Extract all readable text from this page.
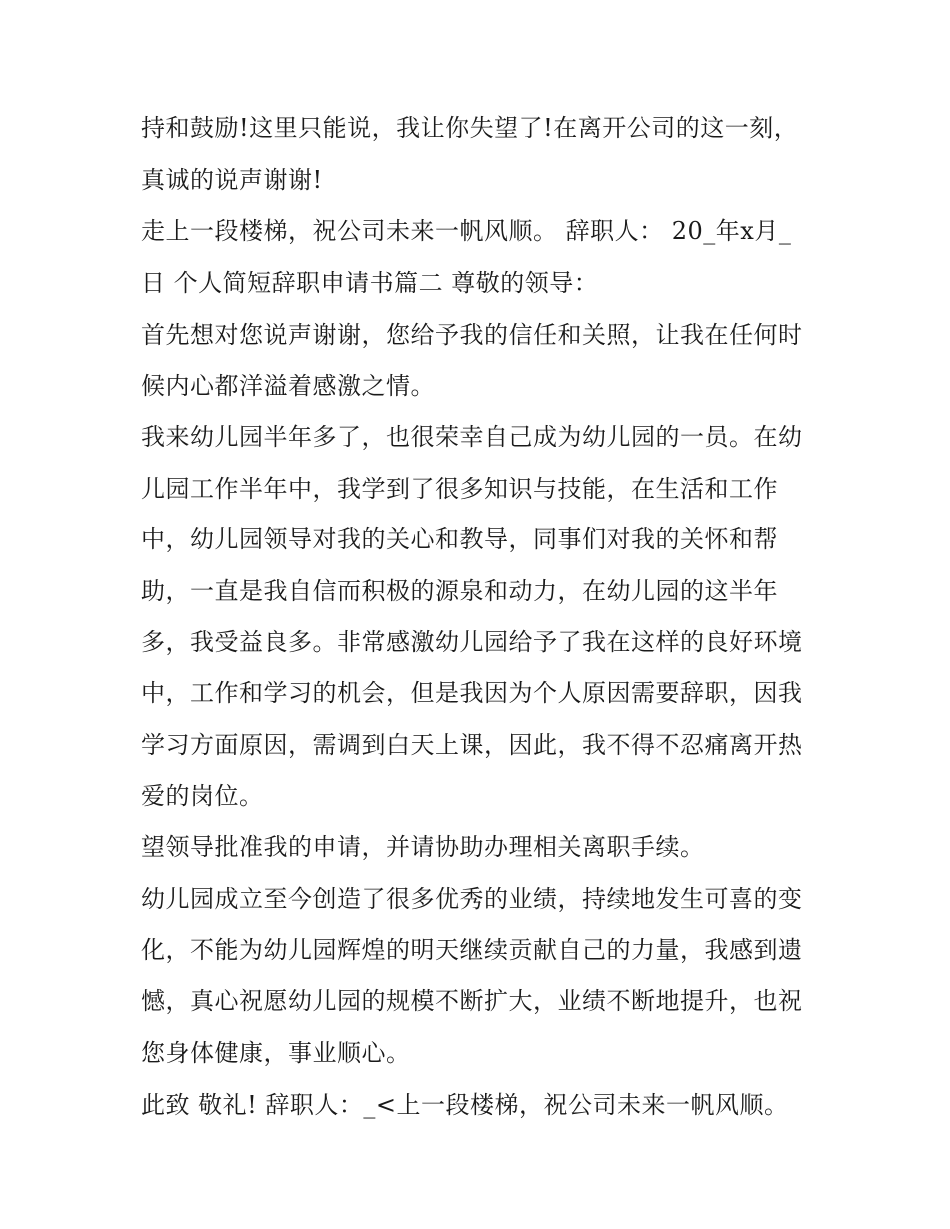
持和鼓励!这里只能说，我让你失望了!在离开公司的这一刻，
真诚的说声谢谢!
走上一段楼梯，祝公司未来一帆风顺。 辞职人： 20_年x月_
日 个人简短辞职申请书篇二 尊敬的领导：
首先想对您说声谢谢，您给予我的信任和关照，让我在任何时
候内心都洋溢着感激之情。
我来幼儿园半年多了，也很荣幸自己成为幼儿园的一员。在幼
儿园工作半年中，我学到了很多知识与技能，在生活和工作
中，幼儿园领导对我的关心和教导，同事们对我的关怀和帮
助，一直是我自信而积极的源泉和动力，在幼儿园的这半年
多，我受益良多。非常感激幼儿园给予了我在这样的良好环境
中，工作和学习的机会，但是我因为个人原因需要辞职，因我
学习方面原因，需调到白天上课，因此，我不得不忍痛离开热
爱的岗位。
望领导批准我的申请，并请协助办理相关离职手续。
幼儿园成立至今创造了很多优秀的业绩，持续地发生可喜的变
化，不能为幼儿园辉煌的明天继续贡献自己的力量，我感到遗
憾，真心祝愿幼儿园的规模不断扩大，业绩不断地提升，也祝
您身体健康，事业顺心。
此致 敬礼! 辞职人：_<上一段楼梯，祝公司未来一帆风顺。
